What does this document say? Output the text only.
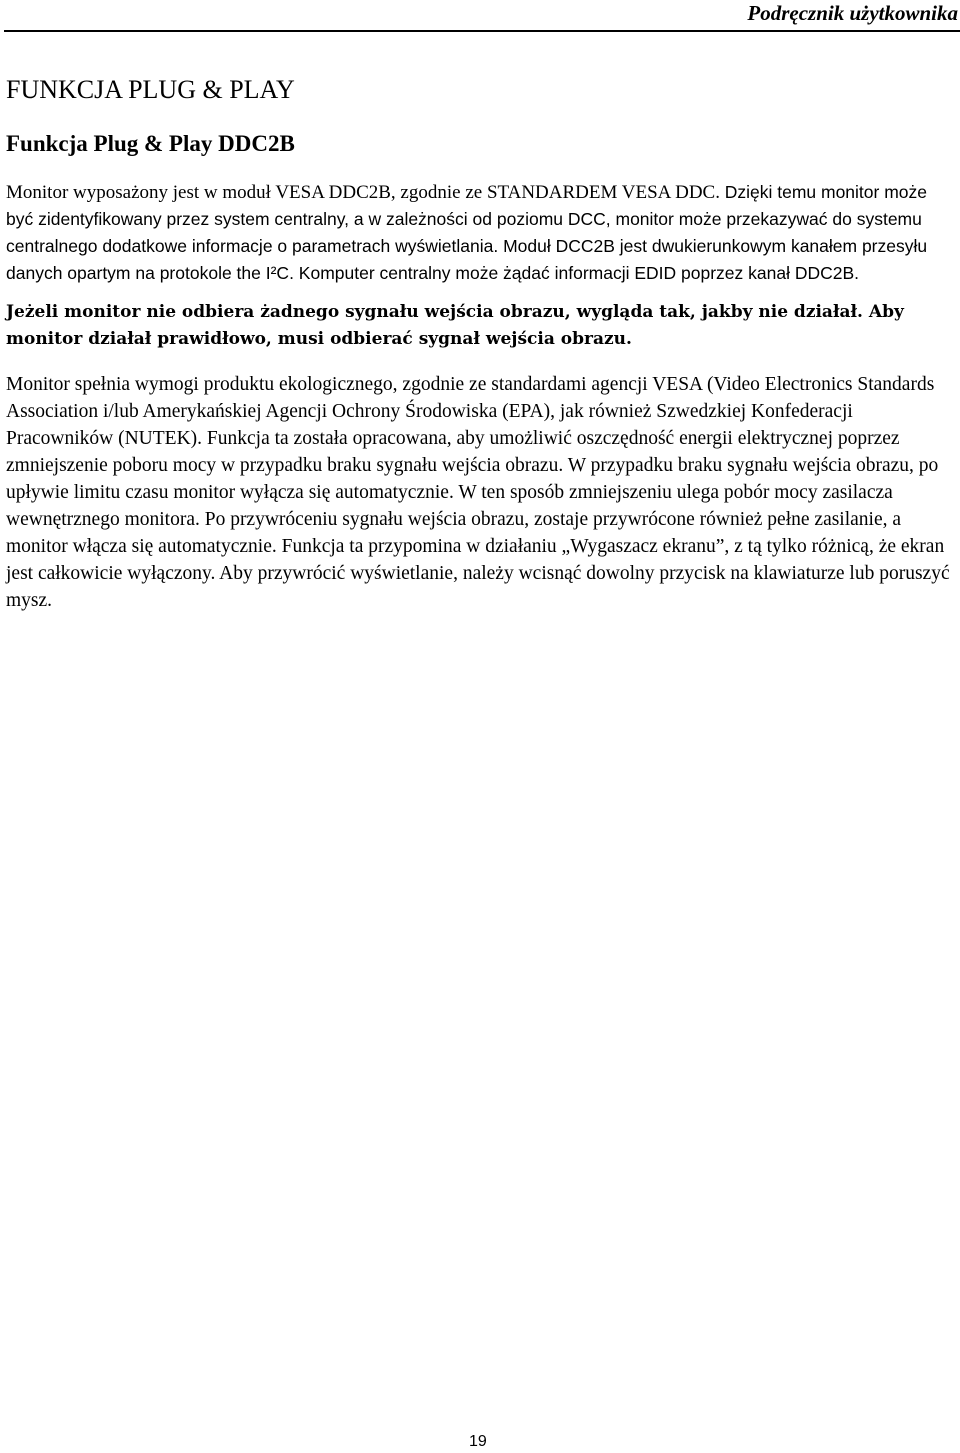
Podręcznik użytkownika
FUNKCJA PLUG & PLAY
Funkcja Plug & Play DDC2B

Monitor wyposażony jest w moduł VESA DDC2B, zgodnie ze STANDARDEM VESA DDC. Dzięki temu monitor może być zidentyfikowany przez system centralny, a w zależności od poziomu DCC, monitor może przekazywać do systemu centralnego dodatkowe informacje o parametrach wyświetlania. Moduł DCC2B jest dwukierunkowym kanałem przesyłu danych opartym na protokole the I²C. Komputer centralny może żądać informacji EDID poprzez kanał DDC2B.

Jeżeli monitor nie odbiera żadnego sygnału wejścia obrazu, wygląda tak, jakby nie działał. Aby monitor działał prawidłowo, musi odbierać sygnał wejścia obrazu.

Monitor spełnia wymogi produktu ekologicznego, zgodnie ze standardami agencji VESA (Video Electronics Standards Association i/lub Amerykańskiej Agencji Ochrony Środowiska (EPA), jak również Szwedzkiej Konfederacji Pracowników (NUTEK). Funkcja ta została opracowana, aby umożliwić oszczędność energii elektrycznej poprzez zmniejszenie poboru mocy w przypadku braku sygnału wejścia obrazu. W przypadku braku sygnału wejścia obrazu, po upływie limitu czasu monitor wyłącza się automatycznie. W ten sposób zmniejszeniu ulega pobór mocy zasilacza wewnętrznego monitora. Po przywróceniu sygnału wejścia obrazu, zostaje przywrócone również pełne zasilanie, a monitor włącza się automatycznie. Funkcja ta przypomina w działaniu „Wygaszacz ekranu”, z tą tylko różnicą, że ekran jest całkowicie wyłączony. Aby przywrócić wyświetlanie, należy wcisnąć dowolny przycisk na klawiaturze lub poruszyć mysz.

19
